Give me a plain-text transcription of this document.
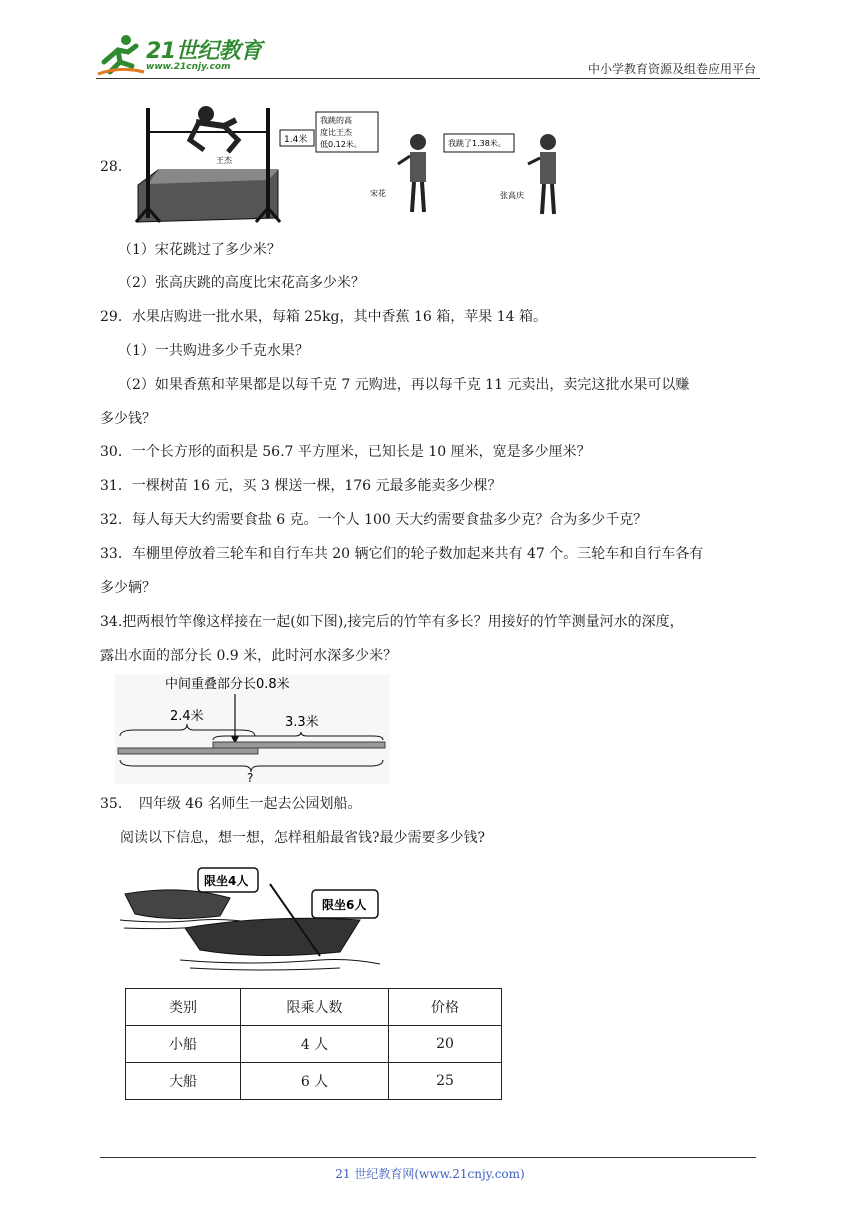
21世纪教育
www.21cnjy.com	中小学教育资源及组卷应用平台
28．	王杰
1.4米
我跳的高
度比王杰
低0.12米。
宋花
我跳了1.38米。
张高庆
（1）宋花跳过了多少米？
（2）张高庆跳的高度比宋花高多少米？
29．水果店购进一批水果，每箱 25kg，其中香蕉 16 箱，苹果 14 箱。
（1）一共购进多少千克水果？
（2）如果香蕉和苹果都是以每千克 7 元购进，再以每千克 11 元卖出，卖完这批水果可以赚
多少钱？
30．一个长方形的面积是 56.7 平方厘米，已知长是 10 厘米，宽是多少厘米？
31．一棵树苗 16 元，买 3 棵送一棵，176 元最多能卖多少棵？
32．每人每天大约需要食盐 6 克。一个人 100 天大约需要食盐多少克？合为多少千克？
33．车棚里停放着三轮车和自行车共 20 辆它们的轮子数加起来共有 47 个。三轮车和自行车各有
多少辆？
34.把两根竹竿像这样接在一起(如下图),接完后的竹竿有多长？用接好的竹竿测量河水的深度，
露出水面的部分长 0.9 米，此时河水深多少米？
中间重叠部分长0.8米
2.4米	3.3米
?
35．　四年级 46 名师生一起去公园划船。
阅读以下信息，想一想，怎样租船最省钱?最少需要多少钱?
限坐4人
限坐6人
类别	限乘人数	价格
小船	4 人	20
大船	6 人	25
21 世纪教育网(www.21cnjy.com)
